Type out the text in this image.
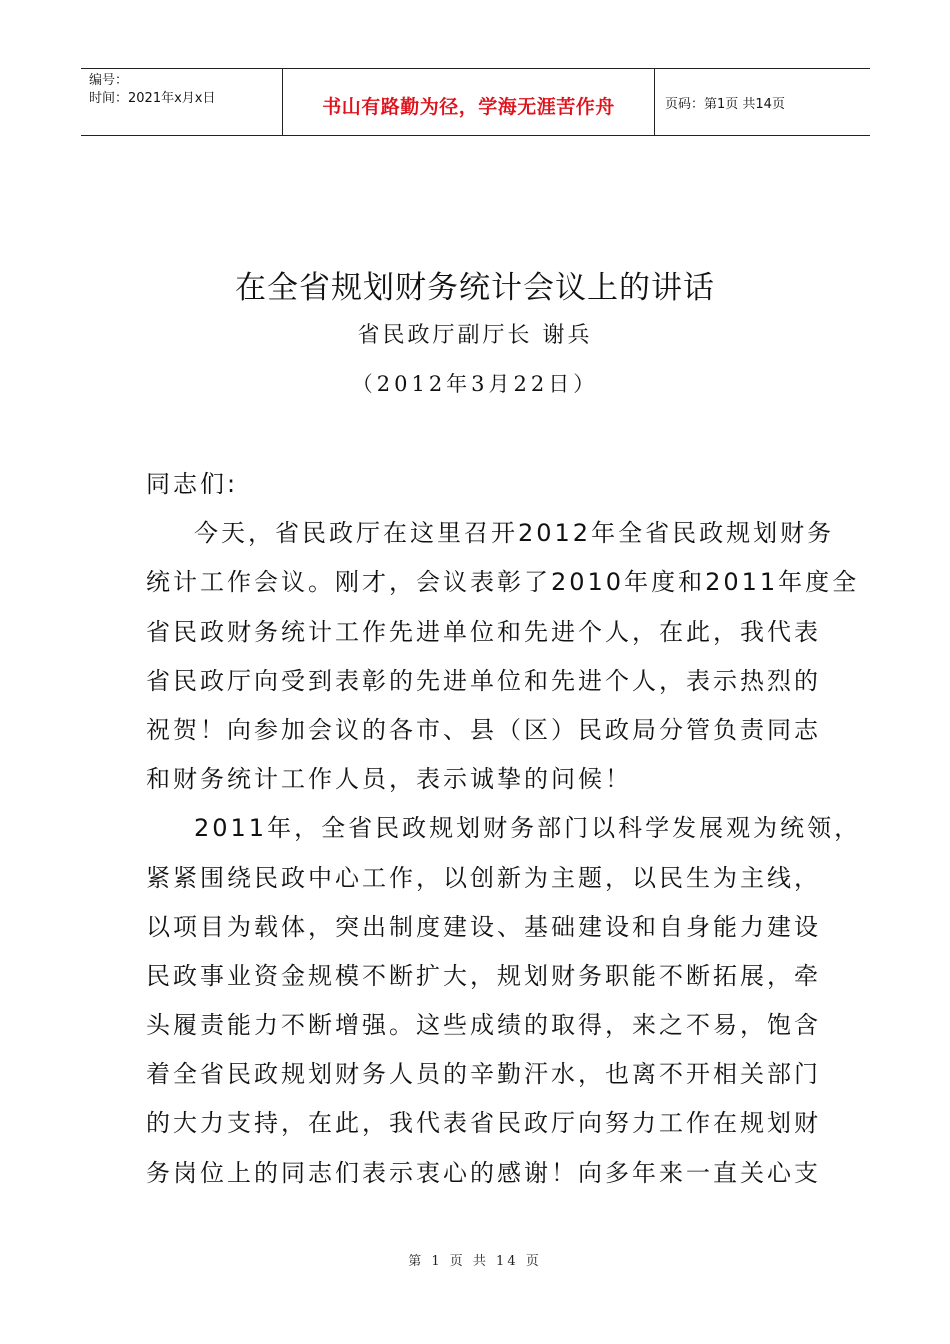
编号：
时间：2021年x月x日	书山有路勤为径，学海无涯苦作舟	页码：第1页 共14页
在全省规划财务统计会议上的讲话
省民政厅副厅长 谢兵
（2012年3月22日）
同志们:
今天，省民政厅在这里召开2012年全省民政规划财务
统计工作会议。刚才，会议表彰了2010年度和2011年度全
省民政财务统计工作先进单位和先进个人，在此，我代表
省民政厅向受到表彰的先进单位和先进个人，表示热烈的
祝贺！向参加会议的各市、县（区）民政局分管负责同志
和财务统计工作人员，表示诚挚的问候！
2011年，全省民政规划财务部门以科学发展观为统领，
紧紧围绕民政中心工作，以创新为主题，以民生为主线，
以项目为载体，突出制度建设、基础建设和自身能力建设
民政事业资金规模不断扩大，规划财务职能不断拓展，牵
头履责能力不断增强。这些成绩的取得，来之不易，饱含
着全省民政规划财务人员的辛勤汗水，也离不开相关部门
的大力支持，在此，我代表省民政厅向努力工作在规划财
务岗位上的同志们表示衷心的感谢！向多年来一直关心支
第 1 页 共 14 页
